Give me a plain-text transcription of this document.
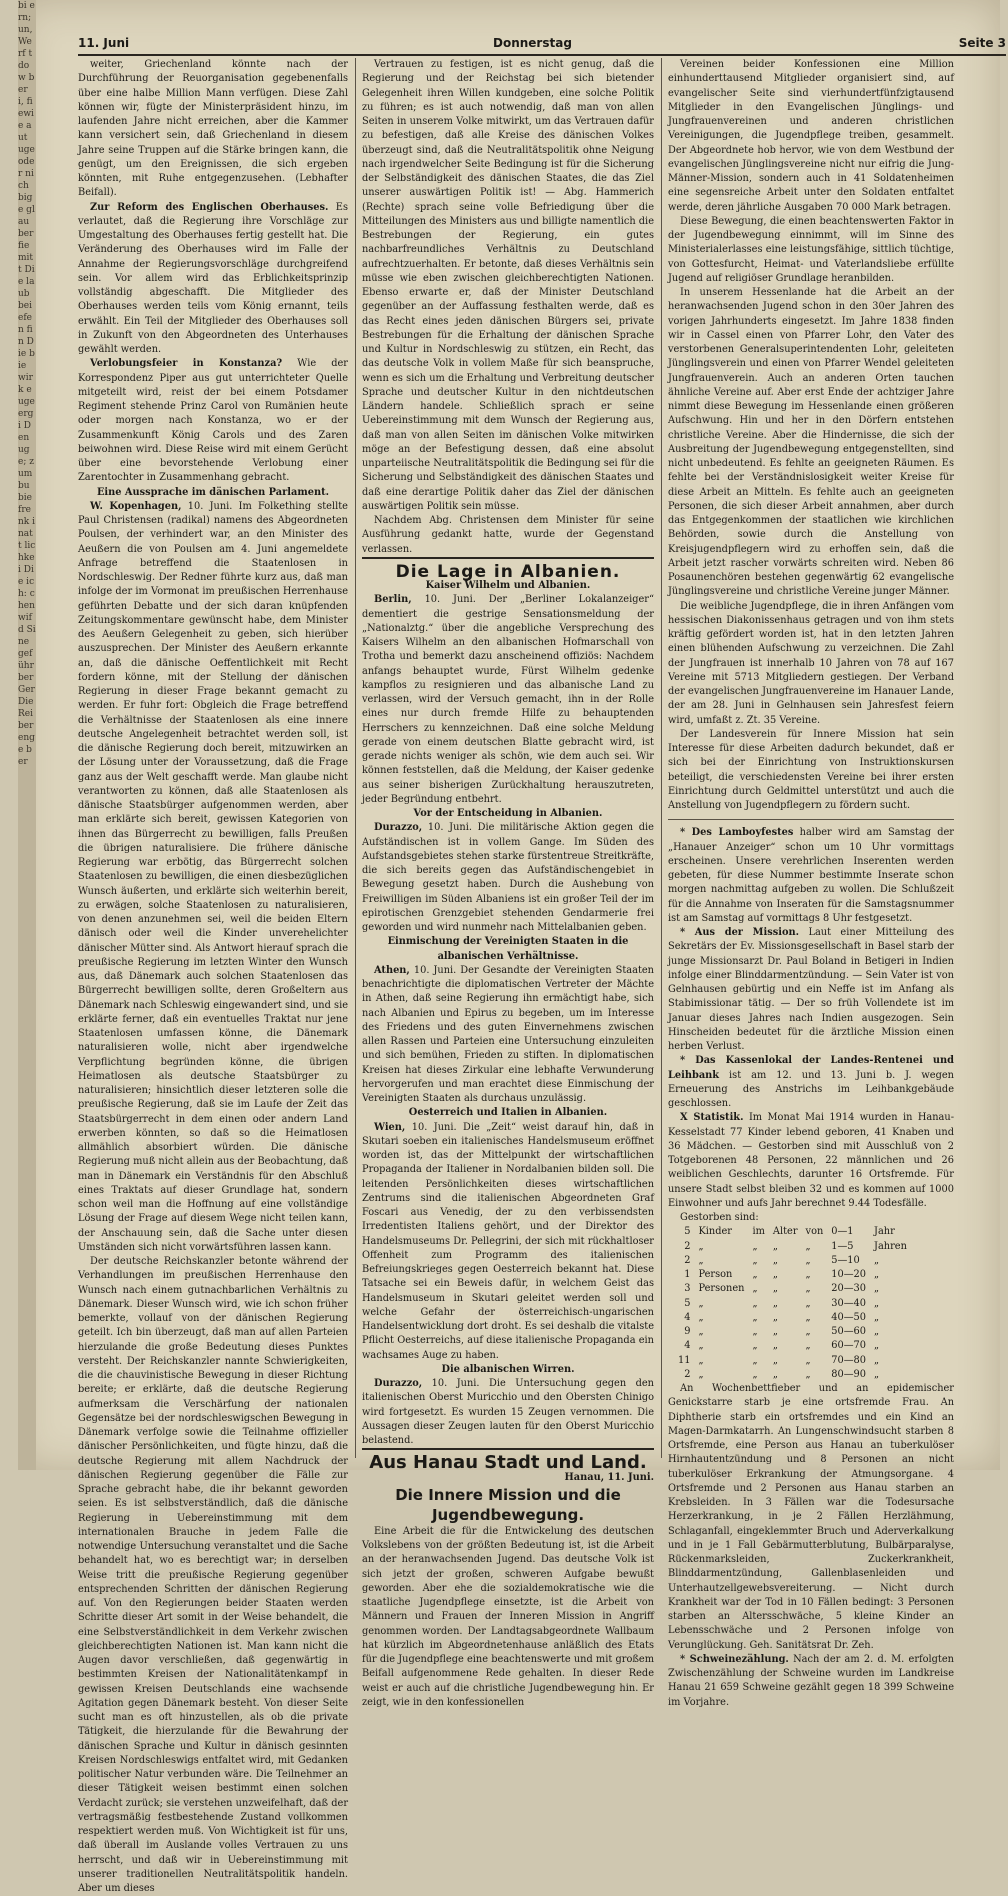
bi ern; un, Werf tdow ber i, fi ewie aut uge oder nich bige glau ber fie mitt Die laub bei efen fin Die bie wirk euge ergi Den uge; zum bu bie frenk inatt lichkei Die ich: chen wifd Sine geführ ber Ger Die Rei ber enge ber
11. Juni	Donnerstag	Seite 3

weiter, Griechenland könnte nach der Durchführung der Reuorganisation gegebenenfalls über eine halbe Million Mann verfügen. Diese Zahl können wir, fügte der Ministerpräsident hinzu, im laufenden Jahre nicht erreichen, aber die Kammer kann versichert sein, daß Griechenland in diesem Jahre seine Truppen auf die Stärke bringen kann, die genügt, um den Ereignissen, die sich ergeben könnten, mit Ruhe entgegenzusehen. (Lebhafter Beifall).

Zur Reform des Englischen Oberhauses. Es verlautet, daß die Regierung ihre Vorschläge zur Umgestaltung des Oberhauses fertig gestellt hat. Die Veränderung des Oberhauses wird im Falle der Annahme der Regierungsvorschläge durchgreifend sein. Vor allem wird das Erblichkeitsprinzip vollständig abgeschafft. Die Mitglieder des Oberhauses werden teils vom König ernannt, teils erwählt. Ein Teil der Mitglieder des Oberhauses soll in Zukunft von den Abgeordneten des Unterhauses gewählt werden.

Verlobungsfeier in Konstanza? Wie der Korrespondenz Piper aus gut unterrichteter Quelle mitgeteilt wird, reist der bei einem Potsdamer Regiment stehende Prinz Carol von Rumänien heute oder morgen nach Konstanza, wo er der Zusammenkunft König Carols und des Zaren beiwohnen wird. Diese Reise wird mit einem Gerücht über eine bevorstehende Verlobung einer Zarentochter in Zusammenhang gebracht.

Eine Aussprache im dänischen Parlament.

W. Kopenhagen, 10. Juni. Im Folkething stellte Paul Christensen (radikal) namens des Abgeordneten Poulsen, der verhindert war, an den Minister des Aeußern die von Poulsen am 4. Juni angemeldete Anfrage betreffend die Staatenlosen in Nordschleswig. Der Redner führte kurz aus, daß man infolge der im Vormonat im preußischen Herrenhause geführten Debatte und der sich daran knüpfenden Zeitungskommentare gewünscht habe, dem Minister des Aeußern Gelegenheit zu geben, sich hierüber auszusprechen. Der Minister des Aeußern erkannte an, daß die dänische Oeffentlichkeit mit Recht fordern könne, mit der Stellung der dänischen Regierung in dieser Frage bekannt gemacht zu werden. Er fuhr fort: Obgleich die Frage betreffend die Verhältnisse der Staatenlosen als eine innere deutsche Angelegenheit betrachtet werden soll, ist die dänische Regierung doch bereit, mitzuwirken an der Lösung unter der Voraussetzung, daß die Frage ganz aus der Welt geschafft werde. Man glaube nicht verantworten zu können, daß alle Staatenlosen als dänische Staatsbürger aufgenommen werden, aber man erklärte sich bereit, gewissen Kategorien von ihnen das Bürgerrecht zu bewilligen, falls Preußen die übrigen naturalisiere. Die frühere dänische Regierung war erbötig, das Bürgerrecht solchen Staatenlosen zu bewilligen, die einen diesbezüglichen Wunsch äußerten, und erklärte sich weiterhin bereit, zu erwägen, solche Staatenlosen zu naturalisieren, von denen anzunehmen sei, weil die beiden Eltern dänisch oder weil die Kinder unverehelichter dänischer Mütter sind. Als Antwort hierauf sprach die preußische Regierung im letzten Winter den Wunsch aus, daß Dänemark auch solchen Staatenlosen das Bürgerrecht bewilligen sollte, deren Großeltern aus Dänemark nach Schleswig eingewandert sind, und sie erklärte ferner, daß ein eventuelles Traktat nur jene Staatenlosen umfassen könne, die Dänemark naturalisieren wolle, nicht aber irgendwelche Verpflichtung begründen könne, die übrigen Heimatlosen als deutsche Staatsbürger zu naturalisieren; hinsichtlich dieser letzteren solle die preußische Regierung, daß sie im Laufe der Zeit das Staatsbürgerrecht in dem einen oder andern Land erwerben könnten, so daß so die Heimatlosen allmählich absorbiert würden. Die dänische Regierung muß nicht allein aus der Beobachtung, daß man in Dänemark ein Verständnis für den Abschluß eines Traktats auf dieser Grundlage hat, sondern schon weil man die Hoffnung auf eine vollständige Lösung der Frage auf diesem Wege nicht teilen kann, der Anschauung sein, daß die Sache unter diesen Umständen sich nicht vorwärtsführen lassen kann.

Der deutsche Reichskanzler betonte während der Verhandlungen im preußischen Herrenhause den Wunsch nach einem gutnachbarlichen Verhältnis zu Dänemark. Dieser Wunsch wird, wie ich schon früher bemerkte, vollauf von der dänischen Regierung geteilt. Ich bin überzeugt, daß man auf allen Parteien hierzulande die große Bedeutung dieses Punktes versteht. Der Reichskanzler nannte Schwierigkeiten, die die chauvinistische Bewegung in dieser Richtung bereite; er erklärte, daß die deutsche Regierung aufmerksam die Verschärfung der nationalen Gegensätze bei der nordschleswigschen Bewegung in Dänemark verfolge sowie die Teilnahme offizieller dänischer Persönlichkeiten, und fügte hinzu, daß die deutsche Regierung mit allem Nachdruck der dänischen Regierung gegenüber die Fälle zur Sprache gebracht habe, die ihr bekannt geworden seien. Es ist selbstverständlich, daß die dänische Regierung in Uebereinstimmung mit dem internationalen Brauche in jedem Falle die notwendige Untersuchung veranstaltet und die Sache behandelt hat, wo es berechtigt war; in derselben Weise tritt die preußische Regierung gegenüber entsprechenden Schritten der dänischen Regierung auf. Von den Regierungen beider Staaten werden Schritte dieser Art somit in der Weise behandelt, die eine Selbstverständlichkeit in dem Verkehr zwischen gleichberechtigten Nationen ist. Man kann nicht die Augen davor verschließen, daß gegenwärtig in bestimmten Kreisen der Nationalitätenkampf in gewissen Kreisen Deutschlands eine wachsende Agitation gegen Dänemark besteht. Von dieser Seite sucht man es oft hinzustellen, als ob die private Tätigkeit, die hierzulande für die Bewahrung der dänischen Sprache und Kultur in dänisch gesinnten Kreisen Nordschleswigs entfaltet wird, mit Gedanken politischer Natur verbunden wäre. Die Teilnehmer an dieser Tätigkeit weisen bestimmt einen solchen Verdacht zurück; sie verstehen unzweifelhaft, daß der vertragsmäßig festbestehende Zustand vollkommen respektiert werden muß. Von Wichtigkeit ist für uns, daß überall im Auslande volles Vertrauen zu uns herrscht, und daß wir in Uebereinstimmung mit unserer traditionellen Neutralitätspolitik handeln. Aber um dieses

Vertrauen zu festigen, ist es nicht genug, daß die Regierung und der Reichstag bei sich bietender Gelegenheit ihren Willen kundgeben, eine solche Politik zu führen; es ist auch notwendig, daß man von allen Seiten in unserem Volke mitwirkt, um das Vertrauen dafür zu befestigen, daß alle Kreise des dänischen Volkes überzeugt sind, daß die Neutralitätspolitik ohne Neigung nach irgendwelcher Seite Bedingung ist für die Sicherung der Selbständigkeit des dänischen Staates, die das Ziel unserer auswärtigen Politik ist! — Abg. Hammerich (Rechte) sprach seine volle Befriedigung über die Mitteilungen des Ministers aus und billigte namentlich die Bestrebungen der Regierung, ein gutes nachbarfreundliches Verhältnis zu Deutschland aufrechtzuerhalten. Er betonte, daß dieses Verhältnis sein müsse wie eben zwischen gleichberechtigten Nationen. Ebenso erwarte er, daß der Minister Deutschland gegenüber an der Auffassung festhalten werde, daß es das Recht eines jeden dänischen Bürgers sei, private Bestrebungen für die Erhaltung der dänischen Sprache und Kultur in Nordschleswig zu stützen, ein Recht, das das deutsche Volk in vollem Maße für sich beanspruche, wenn es sich um die Erhaltung und Verbreitung deutscher Sprache und deutscher Kultur in den nichtdeutschen Ländern handele. Schließlich sprach er seine Uebereinstimmung mit dem Wunsch der Regierung aus, daß man von allen Seiten im dänischen Volke mitwirken möge an der Befestigung dessen, daß eine absolut unparteiische Neutralitätspolitik die Bedingung sei für die Sicherung und Selbständigkeit des dänischen Staates und daß eine derartige Politik daher das Ziel der dänischen auswärtigen Politik sein müsse.

Nachdem Abg. Christensen dem Minister für seine Ausführung gedankt hatte, wurde der Gegenstand verlassen.

Die Lage in Albanien.

Kaiser Wilhelm und Albanien.

Berlin, 10. Juni. Der „Berliner Lokalanzeiger“ dementiert die gestrige Sensationsmeldung der „Nationalztg.“ über die angebliche Versprechung des Kaisers Wilhelm an den albanischen Hofmarschall von Trotha und bemerkt dazu anscheinend offiziös: Nachdem anfangs behauptet wurde, Fürst Wilhelm gedenke kampflos zu resignieren und das albanische Land zu verlassen, wird der Versuch gemacht, ihn in der Rolle eines nur durch fremde Hilfe zu behauptenden Herrschers zu kennzeichnen. Daß eine solche Meldung gerade von einem deutschen Blatte gebracht wird, ist gerade nichts weniger als schön, wie dem auch sei. Wir können feststellen, daß die Meldung, der Kaiser gedenke aus seiner bisherigen Zurückhaltung herauszutreten, jeder Begründung entbehrt.

Vor der Entscheidung in Albanien.

Durazzo, 10. Juni. Die militärische Aktion gegen die Aufständischen ist in vollem Gange. Im Süden des Aufstandsgebietes stehen starke fürstentreue Streitkräfte, die sich bereits gegen das Aufständischengebiet in Bewegung gesetzt haben. Durch die Aushebung von Freiwilligen im Süden Albaniens ist ein großer Teil der im epirotischen Grenzgebiet stehenden Gendarmerie frei geworden und wird nunmehr nach Mittelalbanien geben.

Einmischung der Vereinigten Staaten in die albanischen Verhältnisse.

Athen, 10. Juni. Der Gesandte der Vereinigten Staaten benachrichtigte die diplomatischen Vertreter der Mächte in Athen, daß seine Regierung ihn ermächtigt habe, sich nach Albanien und Epirus zu begeben, um im Interesse des Friedens und des guten Einvernehmens zwischen allen Rassen und Parteien eine Untersuchung einzuleiten und sich bemühen, Frieden zu stiften. In diplomatischen Kreisen hat dieses Zirkular eine lebhafte Verwunderung hervorgerufen und man erachtet diese Einmischung der Vereinigten Staaten als durchaus unzulässig.

Oesterreich und Italien in Albanien.

Wien, 10. Juni. Die „Zeit“ weist darauf hin, daß in Skutari soeben ein italienisches Handelsmuseum eröffnet worden ist, das der Mittelpunkt der wirtschaftlichen Propaganda der Italiener in Nordalbanien bilden soll. Die leitenden Persönlichkeiten dieses wirtschaftlichen Zentrums sind die italienischen Abgeordneten Graf Foscari aus Venedig, der zu den verbissendsten Irredentisten Italiens gehört, und der Direktor des Handelsmuseums Dr. Pellegrini, der sich mit rückhaltloser Offenheit zum Programm des italienischen Befreiungskrieges gegen Oesterreich bekannt hat. Diese Tatsache sei ein Beweis dafür, in welchem Geist das Handelsmuseum in Skutari geleitet werden soll und welche Gefahr der österreichisch-ungarischen Handelsentwicklung dort droht. Es sei deshalb die vitalste Pflicht Oesterreichs, auf diese italienische Propaganda ein wachsames Auge zu haben.

Die albanischen Wirren.

Durazzo, 10. Juni. Die Untersuchung gegen den italienischen Oberst Muricchio und den Obersten Chinigo wird fortgesetzt. Es wurden 15 Zeugen vernommen. Die Aussagen dieser Zeugen lauten für den Oberst Muricchio belastend.

Aus Hanau Stadt und Land.

Hanau, 11. Juni.

Die Innere Mission und die Jugendbewegung.

Eine Arbeit die für die Entwickelung des deutschen Volkslebens von der größten Bedeutung ist, ist die Arbeit an der heranwachsenden Jugend. Das deutsche Volk ist sich jetzt der großen, schweren Aufgabe bewußt geworden. Aber ehe die sozialdemokratische wie die staatliche Jugendpflege einsetzte, ist die Arbeit von Männern und Frauen der Inneren Mission in Angriff genommen worden. Der Landtagsabgeordnete Wallbaum hat kürzlich im Abgeordnetenhause anläßlich des Etats für die Jugendpflege eine beachtenswerte und mit großem Beifall aufgenommene Rede gehalten. In dieser Rede weist er auch auf die christliche Jugendbewegung hin. Er zeigt, wie in den konfessionellen

Vereinen beider Konfessionen eine Million einhunderttausend Mitglieder organisiert sind, auf evangelischer Seite sind vierhundertfünfzigtausend Mitglieder in den Evangelischen Jünglings- und Jungfrauenvereinen und anderen christlichen Vereinigungen, die Jugendpflege treiben, gesammelt. Der Abgeordnete hob hervor, wie von dem Westbund der evangelischen Jünglingsvereine nicht nur eifrig die Jung-Männer-Mission, sondern auch in 41 Soldatenheimen eine segensreiche Arbeit unter den Soldaten entfaltet werde, deren jährliche Ausgaben 70 000 Mark betragen.

Diese Bewegung, die einen beachtenswerten Faktor in der Jugendbewegung einnimmt, will im Sinne des Ministerialerlasses eine leistungsfähige, sittlich tüchtige, von Gottesfurcht, Heimat- und Vaterlandsliebe erfüllte Jugend auf religiöser Grundlage heranbilden.

In unserem Hessenlande hat die Arbeit an der heranwachsenden Jugend schon in den 30er Jahren des vorigen Jahrhunderts eingesetzt. Im Jahre 1838 finden wir in Cassel einen von Pfarrer Lohr, den Vater des verstorbenen Generalsuperintendenten Lohr, geleiteten Jünglingsverein und einen von Pfarrer Wendel geleiteten Jungfrauenverein. Auch an anderen Orten tauchen ähnliche Vereine auf. Aber erst Ende der achtziger Jahre nimmt diese Bewegung im Hessenlande einen größeren Aufschwung. Hin und her in den Dörfern entstehen christliche Vereine. Aber die Hindernisse, die sich der Ausbreitung der Jugendbewegung entgegenstellten, sind nicht unbedeutend. Es fehlte an geeigneten Räumen. Es fehlte bei der Verständnislosigkeit weiter Kreise für diese Arbeit an Mitteln. Es fehlte auch an geeigneten Personen, die sich dieser Arbeit annahmen, aber durch das Entgegenkommen der staatlichen wie kirchlichen Behörden, sowie durch die Anstellung von Kreisjugendpflegern wird zu erhoffen sein, daß die Arbeit jetzt rascher vorwärts schreiten wird. Neben 86 Posaunenchören bestehen gegenwärtig 62 evangelische Jünglingsvereine und christliche Vereine junger Männer.

Die weibliche Jugendpflege, die in ihren Anfängen vom hessischen Diakonissenhaus getragen und von ihm stets kräftig gefördert worden ist, hat in den letzten Jahren einen blühenden Aufschwung zu verzeichnen. Die Zahl der Jungfrauen ist innerhalb 10 Jahren von 78 auf 167 Vereine mit 5713 Mitgliedern gestiegen. Der Verband der evangelischen Jungfrauenvereine im Hanauer Lande, der am 28. Juni in Gelnhausen sein Jahresfest feiern wird, umfaßt z. Zt. 35 Vereine.

Der Landesverein für Innere Mission hat sein Interesse für diese Arbeiten dadurch bekundet, daß er sich bei der Einrichtung von Instruktionskursen beteiligt, die verschiedensten Vereine bei ihrer ersten Einrichtung durch Geldmittel unterstützt und auch die Anstellung von Jugendpflegern zu fördern sucht.

* Des Lamboyfestes halber wird am Samstag der „Hanauer Anzeiger“ schon um 10 Uhr vormittags erscheinen. Unsere verehrlichen Inserenten werden gebeten, für diese Nummer bestimmte Inserate schon morgen nachmittag aufgeben zu wollen. Die Schlußzeit für die Annahme von Inseraten für die Samstagsnummer ist am Samstag auf vormittags 8 Uhr festgesetzt.

* Aus der Mission. Laut einer Mitteilung des Sekretärs der Ev. Missionsgesellschaft in Basel starb der junge Missionsarzt Dr. Paul Boland in Betigeri in Indien infolge einer Blinddarmentzündung. — Sein Vater ist von Gelnhausen gebürtig und ein Neffe ist im Anfang als Stabimissionar tätig. — Der so früh Vollendete ist im Januar dieses Jahres nach Indien ausgezogen. Sein Hinscheiden bedeutet für die ärztliche Mission einen herben Verlust.

* Das Kassenlokal der Landes-Rentenei und Leihbank ist am 12. und 13. Juni b. J. wegen Erneuerung des Anstrichs im Leihbankgebäude geschlossen.

X Statistik. Im Monat Mai 1914 wurden in Hanau-Kesselstadt 77 Kinder lebend geboren, 41 Knaben und 36 Mädchen. — Gestorben sind mit Ausschluß von 2 Totgeborenen 48 Personen, 22 männlichen und 26 weiblichen Geschlechts, darunter 16 Ortsfremde. Für unsere Stadt selbst bleiben 32 und es kommen auf 1000 Einwohner und aufs Jahr berechnet 9.44 Todesfälle.

Gestorben sind:

5	Kinder	im	Alter	von	0—1	Jahr
2	„	„	„	„	1—5	Jahren
2	„	„	„	„	5—10	„
1	Person	„	„	„	10—20	„
3	Personen	„	„	„	20—30	„
5	„	„	„	„	30—40	„
4	„	„	„	„	40—50	„
9	„	„	„	„	50—60	„
4	„	„	„	„	60—70	„
11	„	„	„	„	70—80	„
2	„	„	„	„	80—90	„

An Wochenbettfieber und an epidemischer Genickstarre starb je eine ortsfremde Frau. An Diphtherie starb ein ortsfremdes und ein Kind an Magen-Darmkatarrh. An Lungenschwindsucht starben 8 Ortsfremde, eine Person aus Hanau an tuberkulöser Hirnhautentzündung und 8 Personen an nicht tuberkulöser Erkrankung der Atmungsorgane. 4 Ortsfremde und 2 Personen aus Hanau starben an Krebsleiden. In 3 Fällen war die Todesursache Herzerkrankung, in je 2 Fällen Herzlähmung, Schlaganfall, eingeklemmter Bruch und Aderverkalkung und in je 1 Fall Gebärmutterblutung, Bulbärparalyse, Rückenmarksleiden, Zuckerkrankheit, Blinddarmentzündung, Gallenblasenleiden und Unterhautzellgewebsvereiterung. — Nicht durch Krankheit war der Tod in 10 Fällen bedingt: 3 Personen starben an Altersschwäche, 5 kleine Kinder an Lebensschwäche und 2 Personen infolge von Verunglückung. Geh. Sanitätsrat Dr. Zeh.

* Schweinezählung. Nach der am 2. d. M. erfolgten Zwischenzählung der Schweine wurden im Landkreise Hanau 21 659 Schweine gezählt gegen 18 399 Schweine im Vorjahre.
